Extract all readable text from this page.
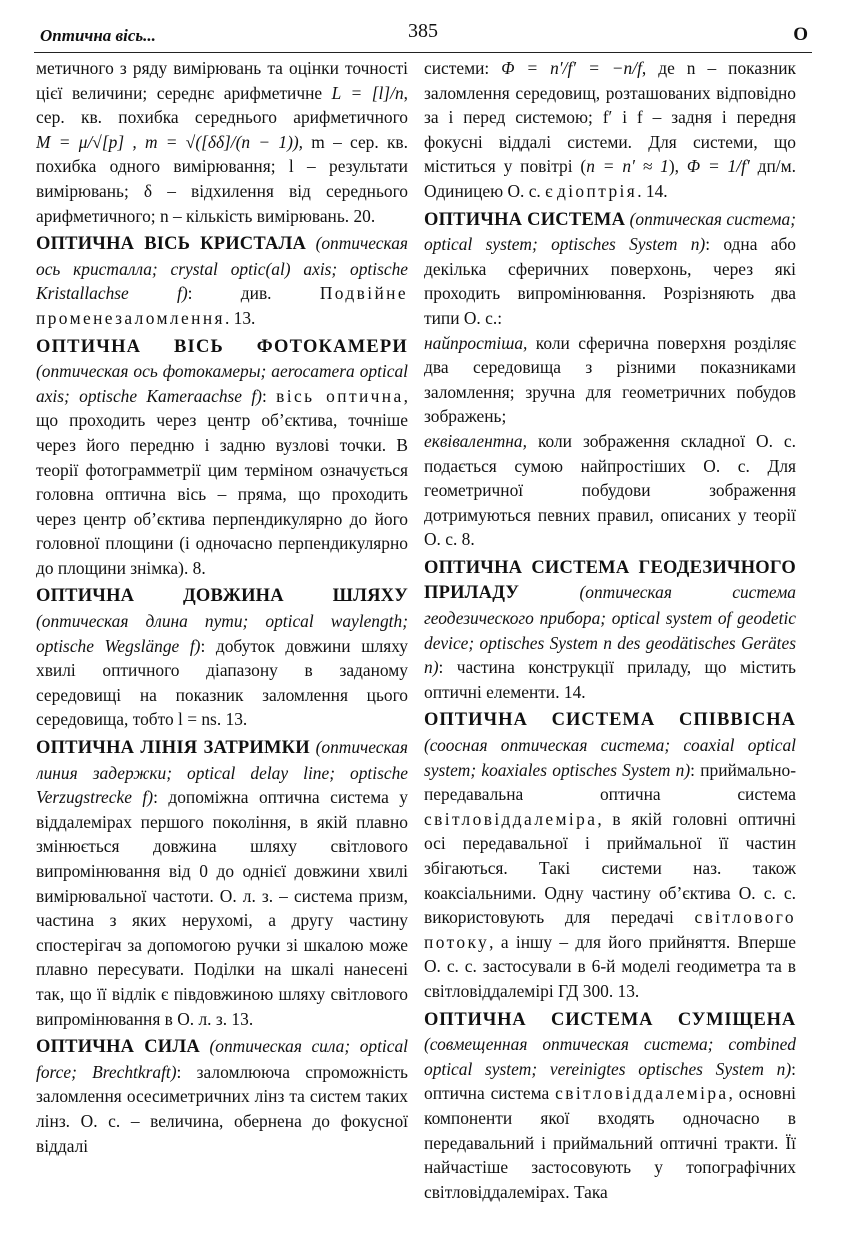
Оптична вісь...	385	О

метичного з ряду вимірювань та оцінки точності цієї величини; середнє арифметичне L = [l]/n, сер. кв. похибка середнього арифметичного M = μ/√[p] , m = √([δδ]/(n − 1)), m – сер. кв. похибка одного вимірювання; l – результати вимірювань; δ – відхилення від середнього арифметичного; n – кількість вимірювань. 20.

ОПТИЧНА ВІСЬ КРИСТАЛА (оптическая ось кристалла; crystal optic(al) axis; optische Kristallachse f): див. Подвійне променезаломлення. 13.

ОПТИЧНА ВІСЬ ФОТОКАМЕРИ (оптическая ось фотокамеры; aerocamera optical axis; optische Kameraachse f): вісь оптична, що проходить через центр об’єктива, точніше через його передню і задню вузлові точки. В теорії фотограмметрії цим терміном означується головна оптична вісь – пряма, що проходить через центр об’єктива перпендикулярно до його головної площини (і одночасно перпендикулярно до площини знімка). 8.

ОПТИЧНА ДОВЖИНА ШЛЯХУ (оптическая длина пути; optical waylength; optische Wegslänge f): добуток довжини шляху хвилі оптичного діапазону в заданому середовищі на показник заломлення цього середовища, тобто l = ns. 13.

ОПТИЧНА ЛІНІЯ ЗАТРИМКИ (оптическая линия задержки; optical delay line; optische Verzugstrecke f): допоміжна оптична система у віддалемірах першого покоління, в якій плавно змінюється довжина шляху світлового випромінювання від 0 до однієї довжини хвилі вимірювальної частоти. О. л. з. – система призм, частина з яких нерухомі, а другу частину спостерігач за допомогою ручки зі шкалою може плавно пересувати. Поділки на шкалі нанесені так, що її відлік є півдовжиною шляху світлового випромінювання в О. л. з. 13.

ОПТИЧНА СИЛА (оптическая сила; optical force; Brechtkraft): заломлююча спроможність заломлення осесиметричних лінз та систем таких лінз. О. с. – величина, обернена до фокусної віддалі

системи: Φ = n′/f′ = −n/f, де n – показник заломлення середовищ, розташованих відповідно за і перед системою; f′ і f – задня і передня фокусні віддалі системи. Для системи, що міститься у повітрі (n = n′ ≈ 1), Φ = 1/f′ дп/м. Одиницею О. с. є діоптрія. 14.

ОПТИЧНА СИСТЕМА (оптическая система; optical system; optisches System n): одна або декілька сферичних поверхонь, через які проходить випромінювання. Розрізняють два типи О. с.:
найпростіша, коли сферична поверхня розділяє два середовища з різними показниками заломлення; зручна для геометричних побудов зображень;
еквівалентна, коли зображення складної О. с. подається сумою найпростіших О. с. Для геометричної побудови зображення дотримуються певних правил, описаних у теорії О. с. 8.

ОПТИЧНА СИСТЕМА ГЕОДЕЗИЧНОГО ПРИЛАДУ	(оптическая система геодезического прибора; optical system of geodetic device; optisches System n des geodätisches Gerätes n): частина конструкції приладу, що містить оптичні елементи. 14.

ОПТИЧНА СИСТЕМА СПІВВІСНА (соосная оптическая система; coaxial optical system; koaxiales optisches System n): приймально-передавальна оптична система світловіддалеміра, в якій головні оптичні осі передавальної і приймальної її частин збігаються. Такі системи наз. також коаксіальними. Одну частину об’єктива О. с. с. використовують для передачі світлового потоку, а іншу – для його прийняття. Вперше О. с. с. застосували в 6-й моделі геодиметра та в світловіддалемірі ГД 300. 13.

ОПТИЧНА СИСТЕМА СУМІЩЕНА (совмещенная оптическая система; combined optical system; vereinigtes optisches System n): оптична система світловіддалеміра, основні компоненти якої входять одночасно в передавальний і приймальний оптичні тракти. Її найчастіше застосовують у топографічних світловіддалемірах. Така
